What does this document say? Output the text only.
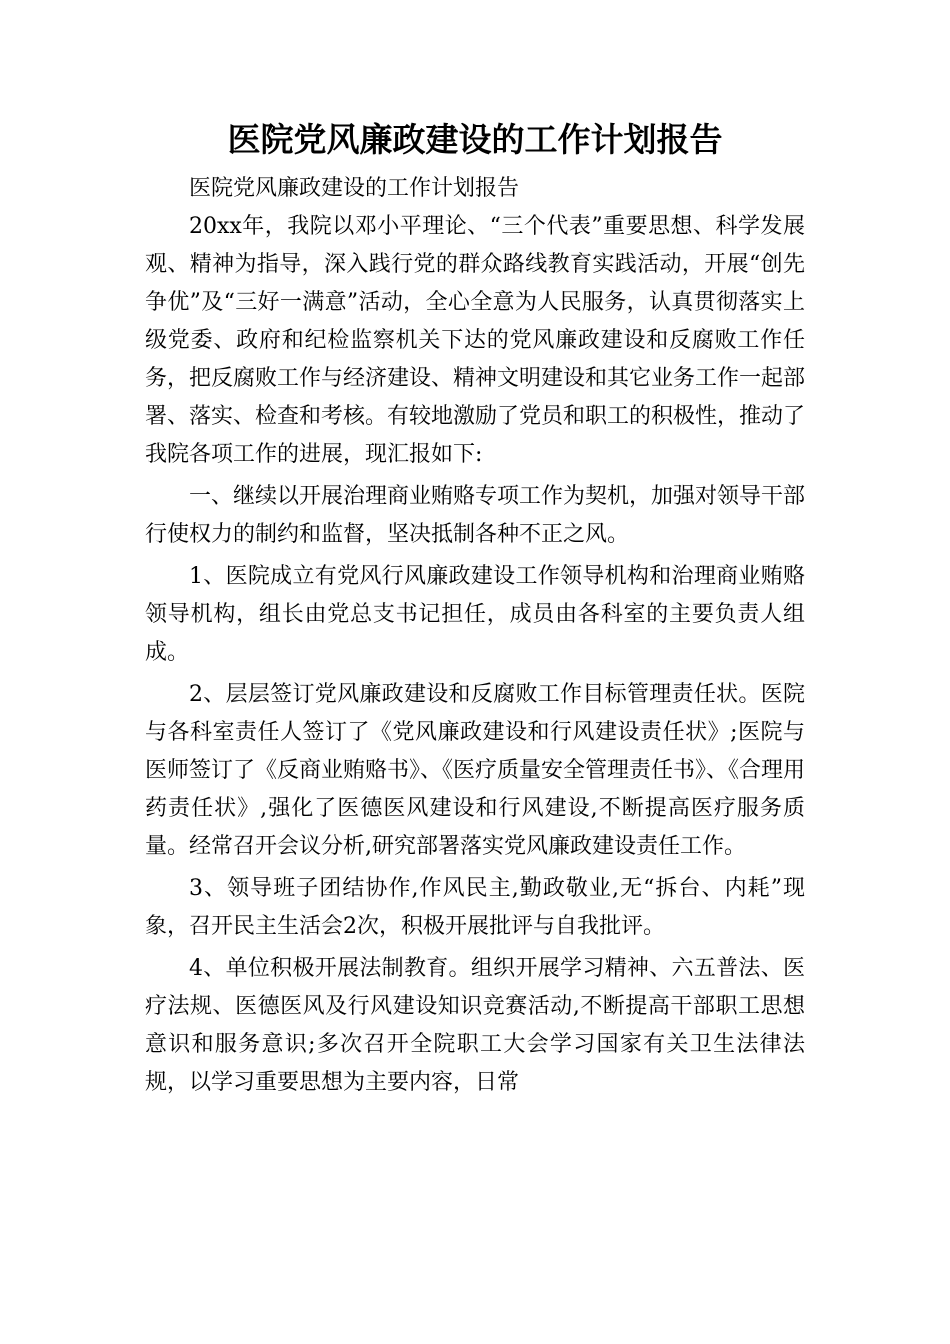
医院党风廉政建设的工作计划报告

医院党风廉政建设的工作计划报告

20xx年，我院以邓小平理论、“三个代表”重要思想、科学发展观、精神为指导，深入践行党的群众路线教育实践活动，开展“创先争优”及“三好一满意”活动，全心全意为人民服务，认真贯彻落实上级党委、政府和纪检监察机关下达的党风廉政建设和反腐败工作任务，把反腐败工作与经济建设、精神文明建设和其它业务工作一起部署、落实、检查和考核。有较地激励了党员和职工的积极性，推动了我院各项工作的进展，现汇报如下:

一、继续以开展治理商业贿赂专项工作为契机，加强对领导干部行使权力的制约和监督，坚决抵制各种不正之风。

1、医院成立有党风行风廉政建设工作领导机构和治理商业贿赂领导机构，组长由党总支书记担任，成员由各科室的主要负责人组成。

2、层层签订党风廉政建设和反腐败工作目标管理责任状。医院与各科室责任人签订了《党风廉政建设和行风建设责任状》;医院与医师签订了《反商业贿赂书》、《医疗质量安全管理责任书》、《合理用药责任状》,强化了医德医风建设和行风建设,不断提高医疗服务质量。经常召开会议分析,研究部署落实党风廉政建设责任工作。

3、领导班子团结协作,作风民主,勤政敬业,无“拆台、内耗”现象，召开民主生活会2次，积极开展批评与自我批评。

4、单位积极开展法制教育。组织开展学习精神、六五普法、医疗法规、医德医风及行风建设知识竞赛活动,不断提高干部职工思想意识和服务意识;多次召开全院职工大会学习国家有关卫生法律法规，以学习重要思想为主要内容，日常
